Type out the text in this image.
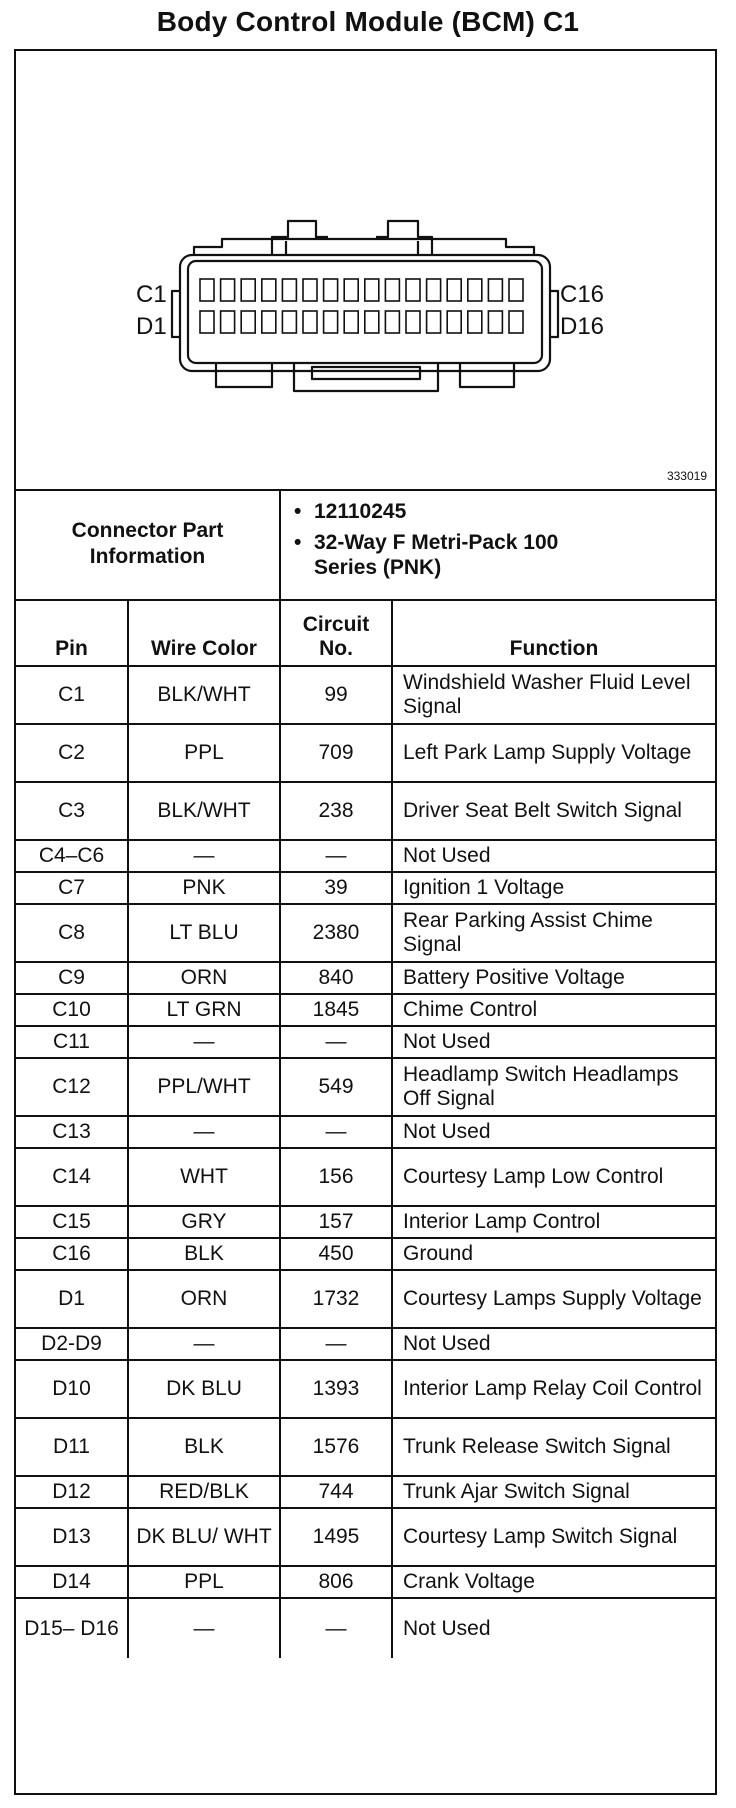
Body Control Module (BCM) C1
C1
D1
C16
D16
333019
Connector Part Information
• 12110245
• 32-Way F Metri-Pack 100 Series (PNK)
Pin	Wire Color	Circuit No.	Function
C1	BLK/WHT	99	Windshield Washer Fluid Level Signal
C2	PPL	709	Left Park Lamp Supply Voltage
C3	BLK/WHT	238	Driver Seat Belt Switch Signal
C4–C6	—	—	Not Used
C7	PNK	39	Ignition 1 Voltage
C8	LT BLU	2380	Rear Parking Assist Chime Signal
C9	ORN	840	Battery Positive Voltage
C10	LT GRN	1845	Chime Control
C11	—	—	Not Used
C12	PPL/WHT	549	Headlamp Switch Headlamps Off Signal
C13	—	—	Not Used
C14	WHT	156	Courtesy Lamp Low Control
C15	GRY	157	Interior Lamp Control
C16	BLK	450	Ground
D1	ORN	1732	Courtesy Lamps Supply Voltage
D2-D9	—	—	Not Used
D10	DK BLU	1393	Interior Lamp Relay Coil Control
D11	BLK	1576	Trunk Release Switch Signal
D12	RED/BLK	744	Trunk Ajar Switch Signal
D13	DK BLU/ WHT	1495	Courtesy Lamp Switch Signal
D14	PPL	806	Crank Voltage
D15– D16	—	—	Not Used
